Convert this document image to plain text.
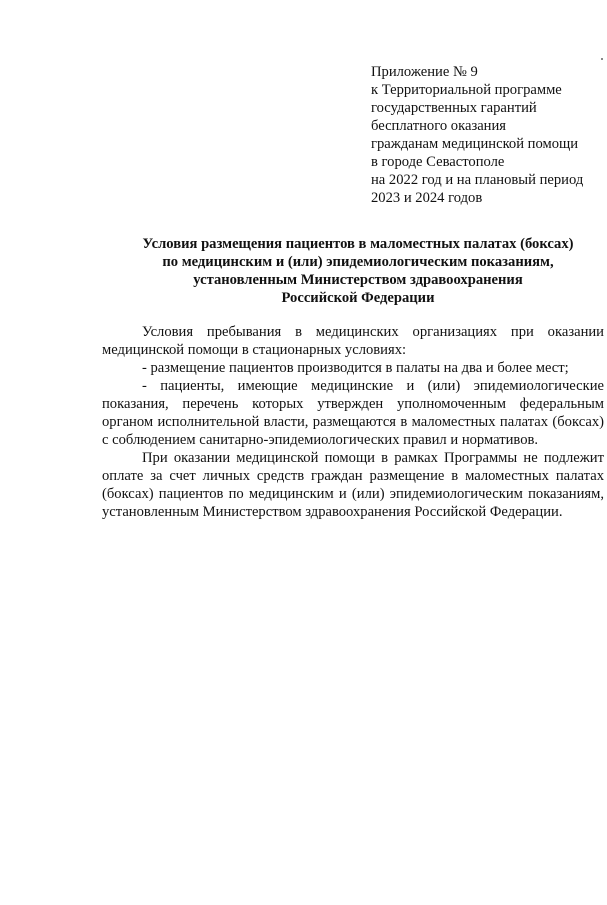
Приложение № 9
к Территориальной программе
государственных гарантий
бесплатного оказания
гражданам медицинской помощи
в городе Севастополе
на 2022 год и на плановый период
2023 и 2024 годов
Условия размещения пациентов в маломестных палатах (боксах)
по медицинским и (или) эпидемиологическим показаниям,
установленным Министерством здравоохранения
Российской Федерации

Условия пребывания в медицинских организациях при оказании медицинской помощи в стационарных условиях:

- размещение пациентов производится в палаты на два и более мест;

- пациенты, имеющие медицинские и (или) эпидемиологические показания, перечень которых утвержден уполномоченным федеральным органом исполнительной власти, размещаются в маломестных палатах (боксах) с соблюдением санитарно-эпидемиологических правил и нормативов.

При оказании медицинской помощи в рамках Программы не подлежит оплате за счет личных средств граждан размещение в маломестных палатах (боксах) пациентов по медицинским и (или) эпидемиологическим показаниям, установленным Министерством здравоохранения Российской Федерации.
